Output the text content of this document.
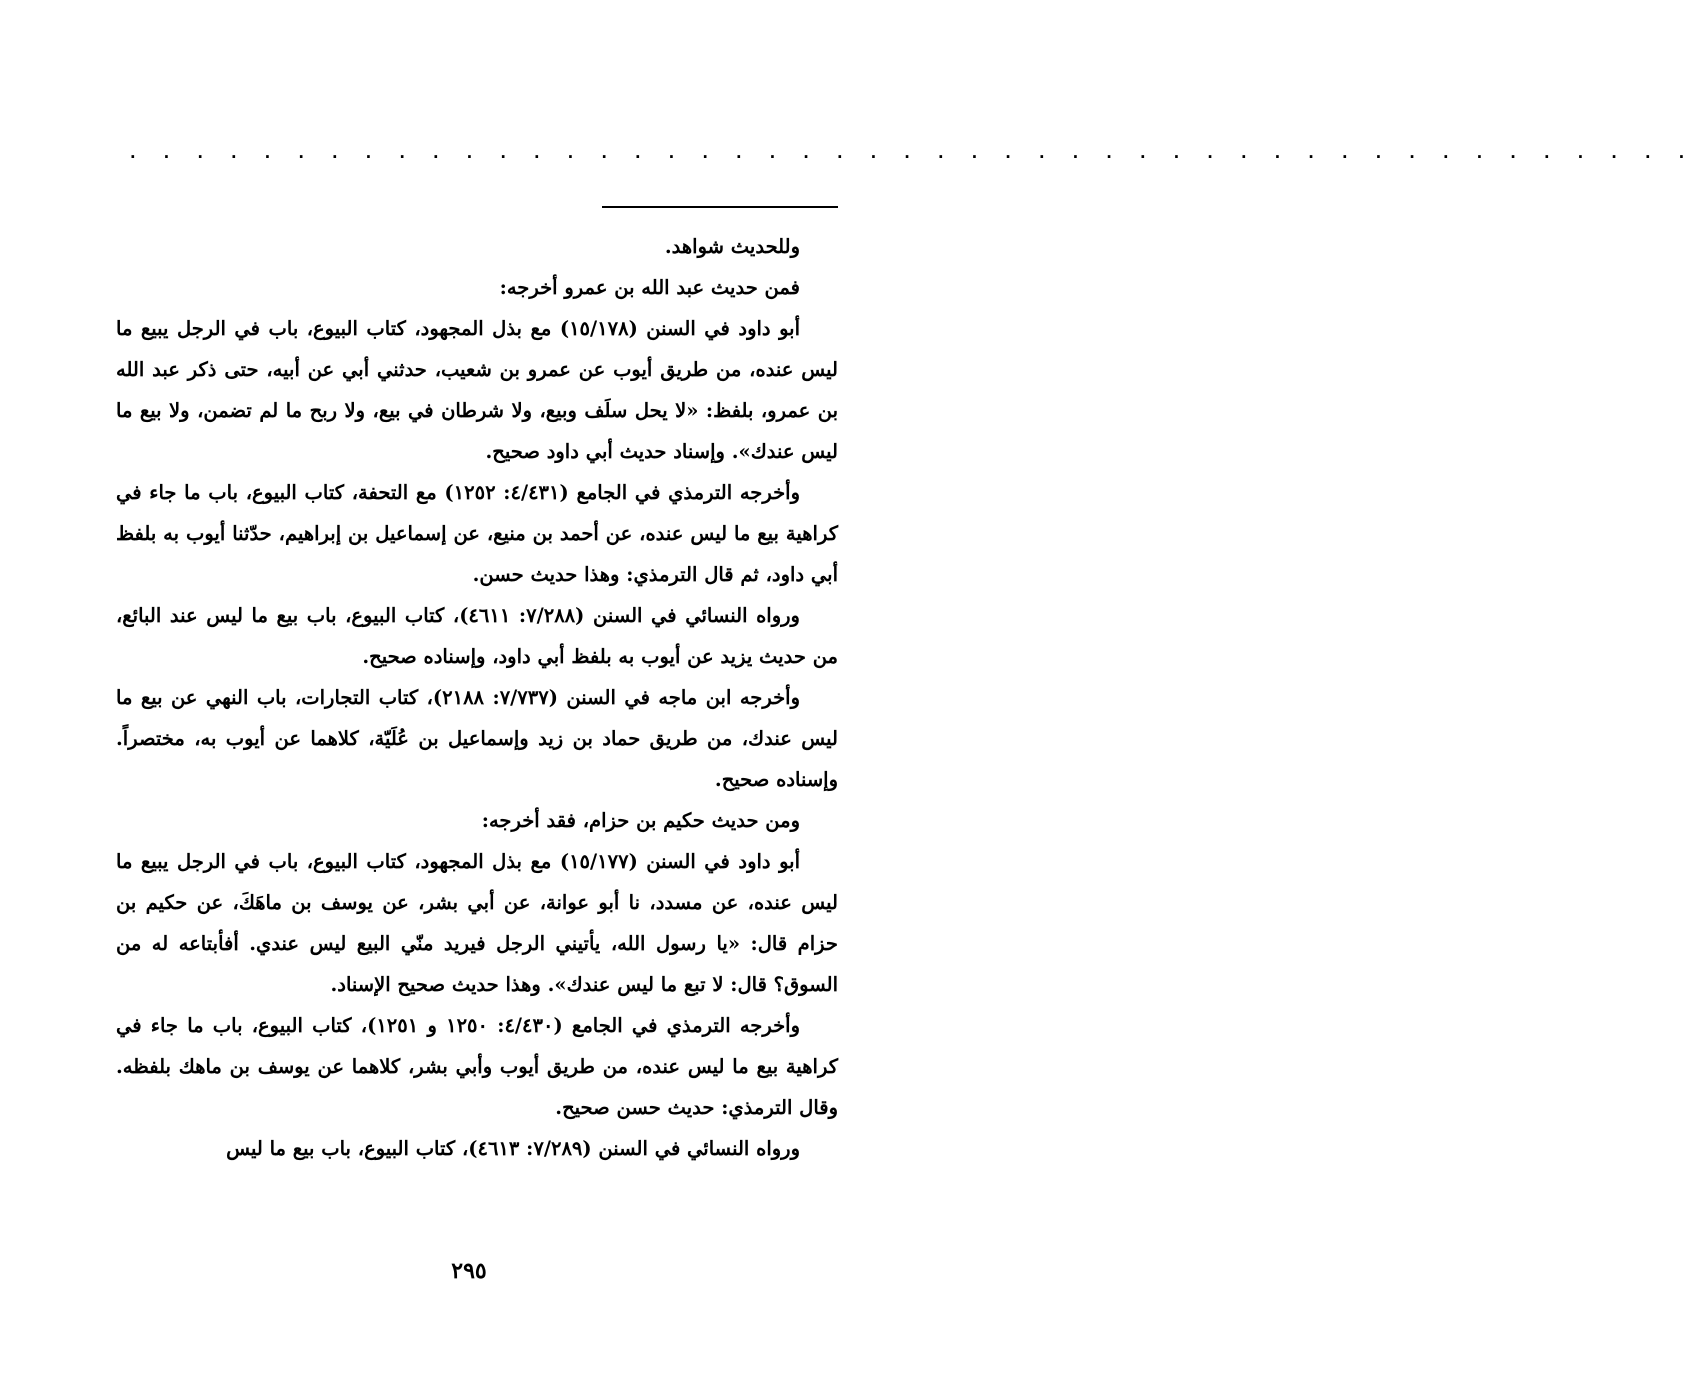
. . . . . . . . . . . . . . . . . . . . . . . . . . . . . . . . . . . . . . . . . . . . . . .

وللحديث شواهد.

فمن حديث عبد الله بن عمرو أخرجه:

أبو داود في السنن (١٥/١٧٨) مع بذل المجهود، كتاب البيوع، باب في الرجل يبيع ما ليس عنده، من طريق أيوب عن عمرو بن شعيب، حدثني أبي عن أبيه، حتى ذكر عبد الله بن عمرو، بلفظ: «لا يحل سلَف وبيع، ولا شرطان في بيع، ولا ربح ما لم تضمن، ولا بيع ما ليس عندك». وإسناد حديث أبي داود صحيح.

وأخرجه الترمذي في الجامع (٤/٤٣١: ١٢٥٢) مع التحفة، كتاب البيوع، باب ما جاء في كراهية بيع ما ليس عنده، عن أحمد بن منيع، عن إسماعيل بن إبراهيم، حدّثنا أيوب به بلفظ أبي داود، ثم قال الترمذي: وهذا حديث حسن.

ورواه النسائي في السنن (٧/٢٨٨: ٤٦١١)، كتاب البيوع، باب بيع ما ليس عند البائع، من حديث يزيد عن أيوب به بلفظ أبي داود، وإسناده صحيح.

وأخرجه ابن ماجه في السنن (٧/٧٣٧: ٢١٨٨)، كتاب التجارات، باب النهي عن بيع ما ليس عندك، من طريق حماد بن زيد وإسماعيل بن عُلَيّة، كلاهما عن أيوب به، مختصراً. وإسناده صحيح.

ومن حديث حكيم بن حزام، فقد أخرجه:

أبو داود في السنن (١٥/١٧٧) مع بذل المجهود، كتاب البيوع، باب في الرجل يبيع ما ليس عنده، عن مسدد، نا أبو عوانة، عن أبي بشر، عن يوسف بن ماهَكَ، عن حكيم بن حزام قال: «يا رسول الله، يأتيني الرجل فيريد منّي البيع ليس عندي. أفأبتاعه له من السوق؟ قال: لا تبع ما ليس عندك». وهذا حديث صحيح الإسناد.

وأخرجه الترمذي في الجامع (٤/٤٣٠: ١٢٥٠ و ١٢٥١)، كتاب البيوع، باب ما جاء في كراهية بيع ما ليس عنده، من طريق أيوب وأبي بشر، كلاهما عن يوسف بن ماهك بلفظه. وقال الترمذي: حديث حسن صحيح.

ورواه النسائي في السنن (٧/٢٨٩: ٤٦١٣)، كتاب البيوع، باب بيع ما ليس

٢٩٥
